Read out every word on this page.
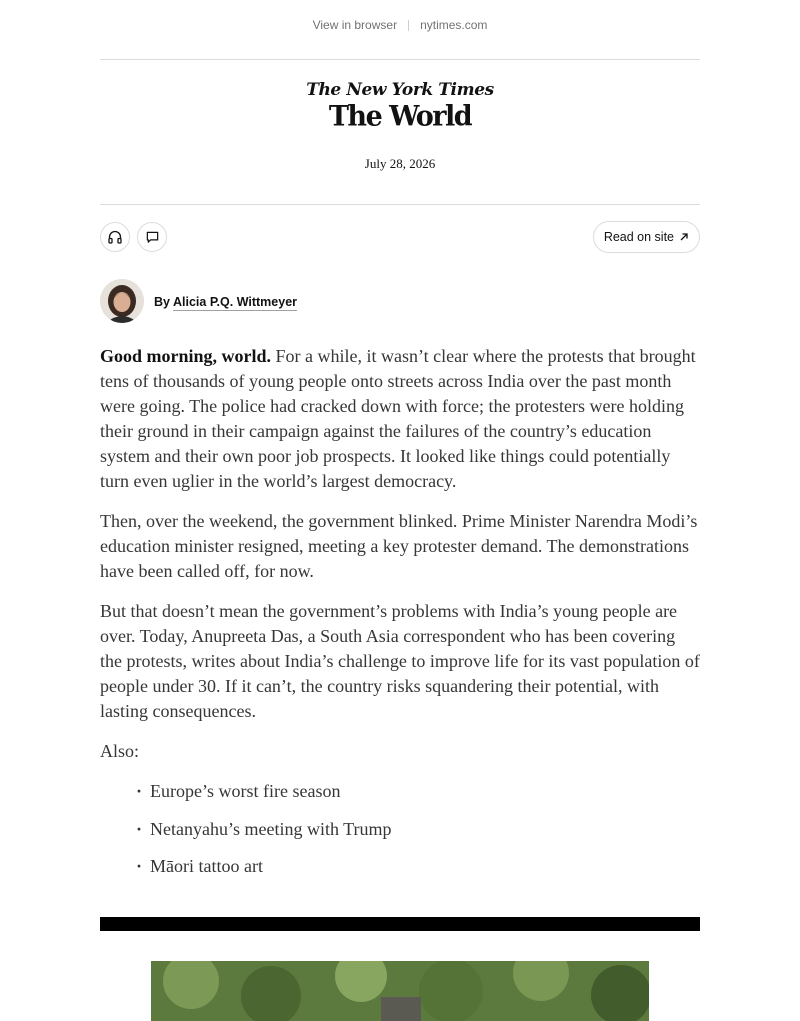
View in browser nytimes.com
The New York Times
The World
July 28, 2026
Read on site
By Alicia P.Q. Wittmeyer

Good morning, world. For a while, it wasn’t clear where the protests that brought tens of thousands of young people onto streets across India over the past month were going. The police had cracked down with force; the protesters were holding their ground in their campaign against the failures of the country’s education system and their own poor job prospects. It looked like things could potentially turn even uglier in the world’s largest democracy.

Then, over the weekend, the government blinked. Prime Minister Narendra Modi’s education minister resigned, meeting a key protester demand. The demonstrations have been called off, for now.

But that doesn’t mean the government’s problems with India’s young people are over. Today, Anupreeta Das, a South Asia correspondent who has been covering the protests, writes about India’s challenge to improve life for its vast population of people under 30. If it can’t, the country risks squandering their potential, with lasting consequences.

Also:

· Europe’s worst fire season
· Netanyahu’s meeting with Trump
· Māori tattoo art
